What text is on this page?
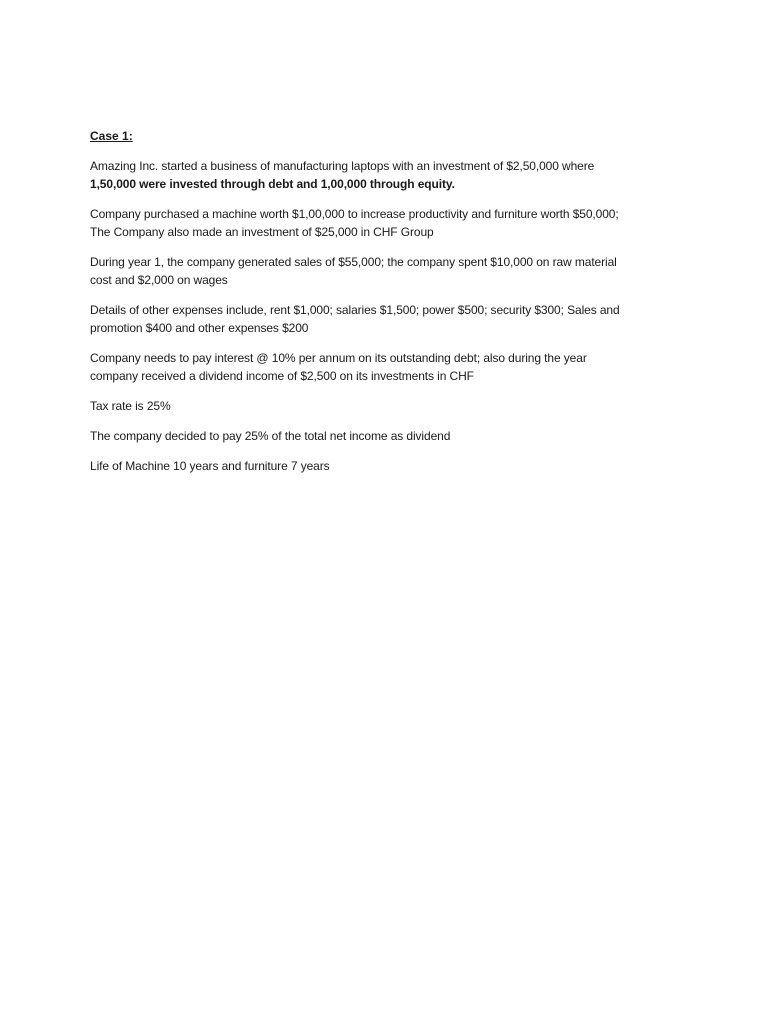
Case 1:

Amazing Inc. started a business of manufacturing laptops with an investment of $2,50,000 where
1,50,000 were invested through debt and 1,00,000 through equity.

Company purchased a machine worth $1,00,000 to increase productivity and furniture worth $50,000;
The Company also made an investment of $25,000 in CHF Group

During year 1, the company generated sales of $55,000; the company spent $10,000 on raw material
cost and $2,000 on wages

Details of other expenses include, rent $1,000; salaries $1,500; power $500; security $300; Sales and
promotion $400 and other expenses $200

Company needs to pay interest @ 10% per annum on its outstanding debt; also during the year
company received a dividend income of $2,500 on its investments in CHF

Tax rate is 25%

The company decided to pay 25% of the total net income as dividend

Life of Machine 10 years and furniture 7 years
